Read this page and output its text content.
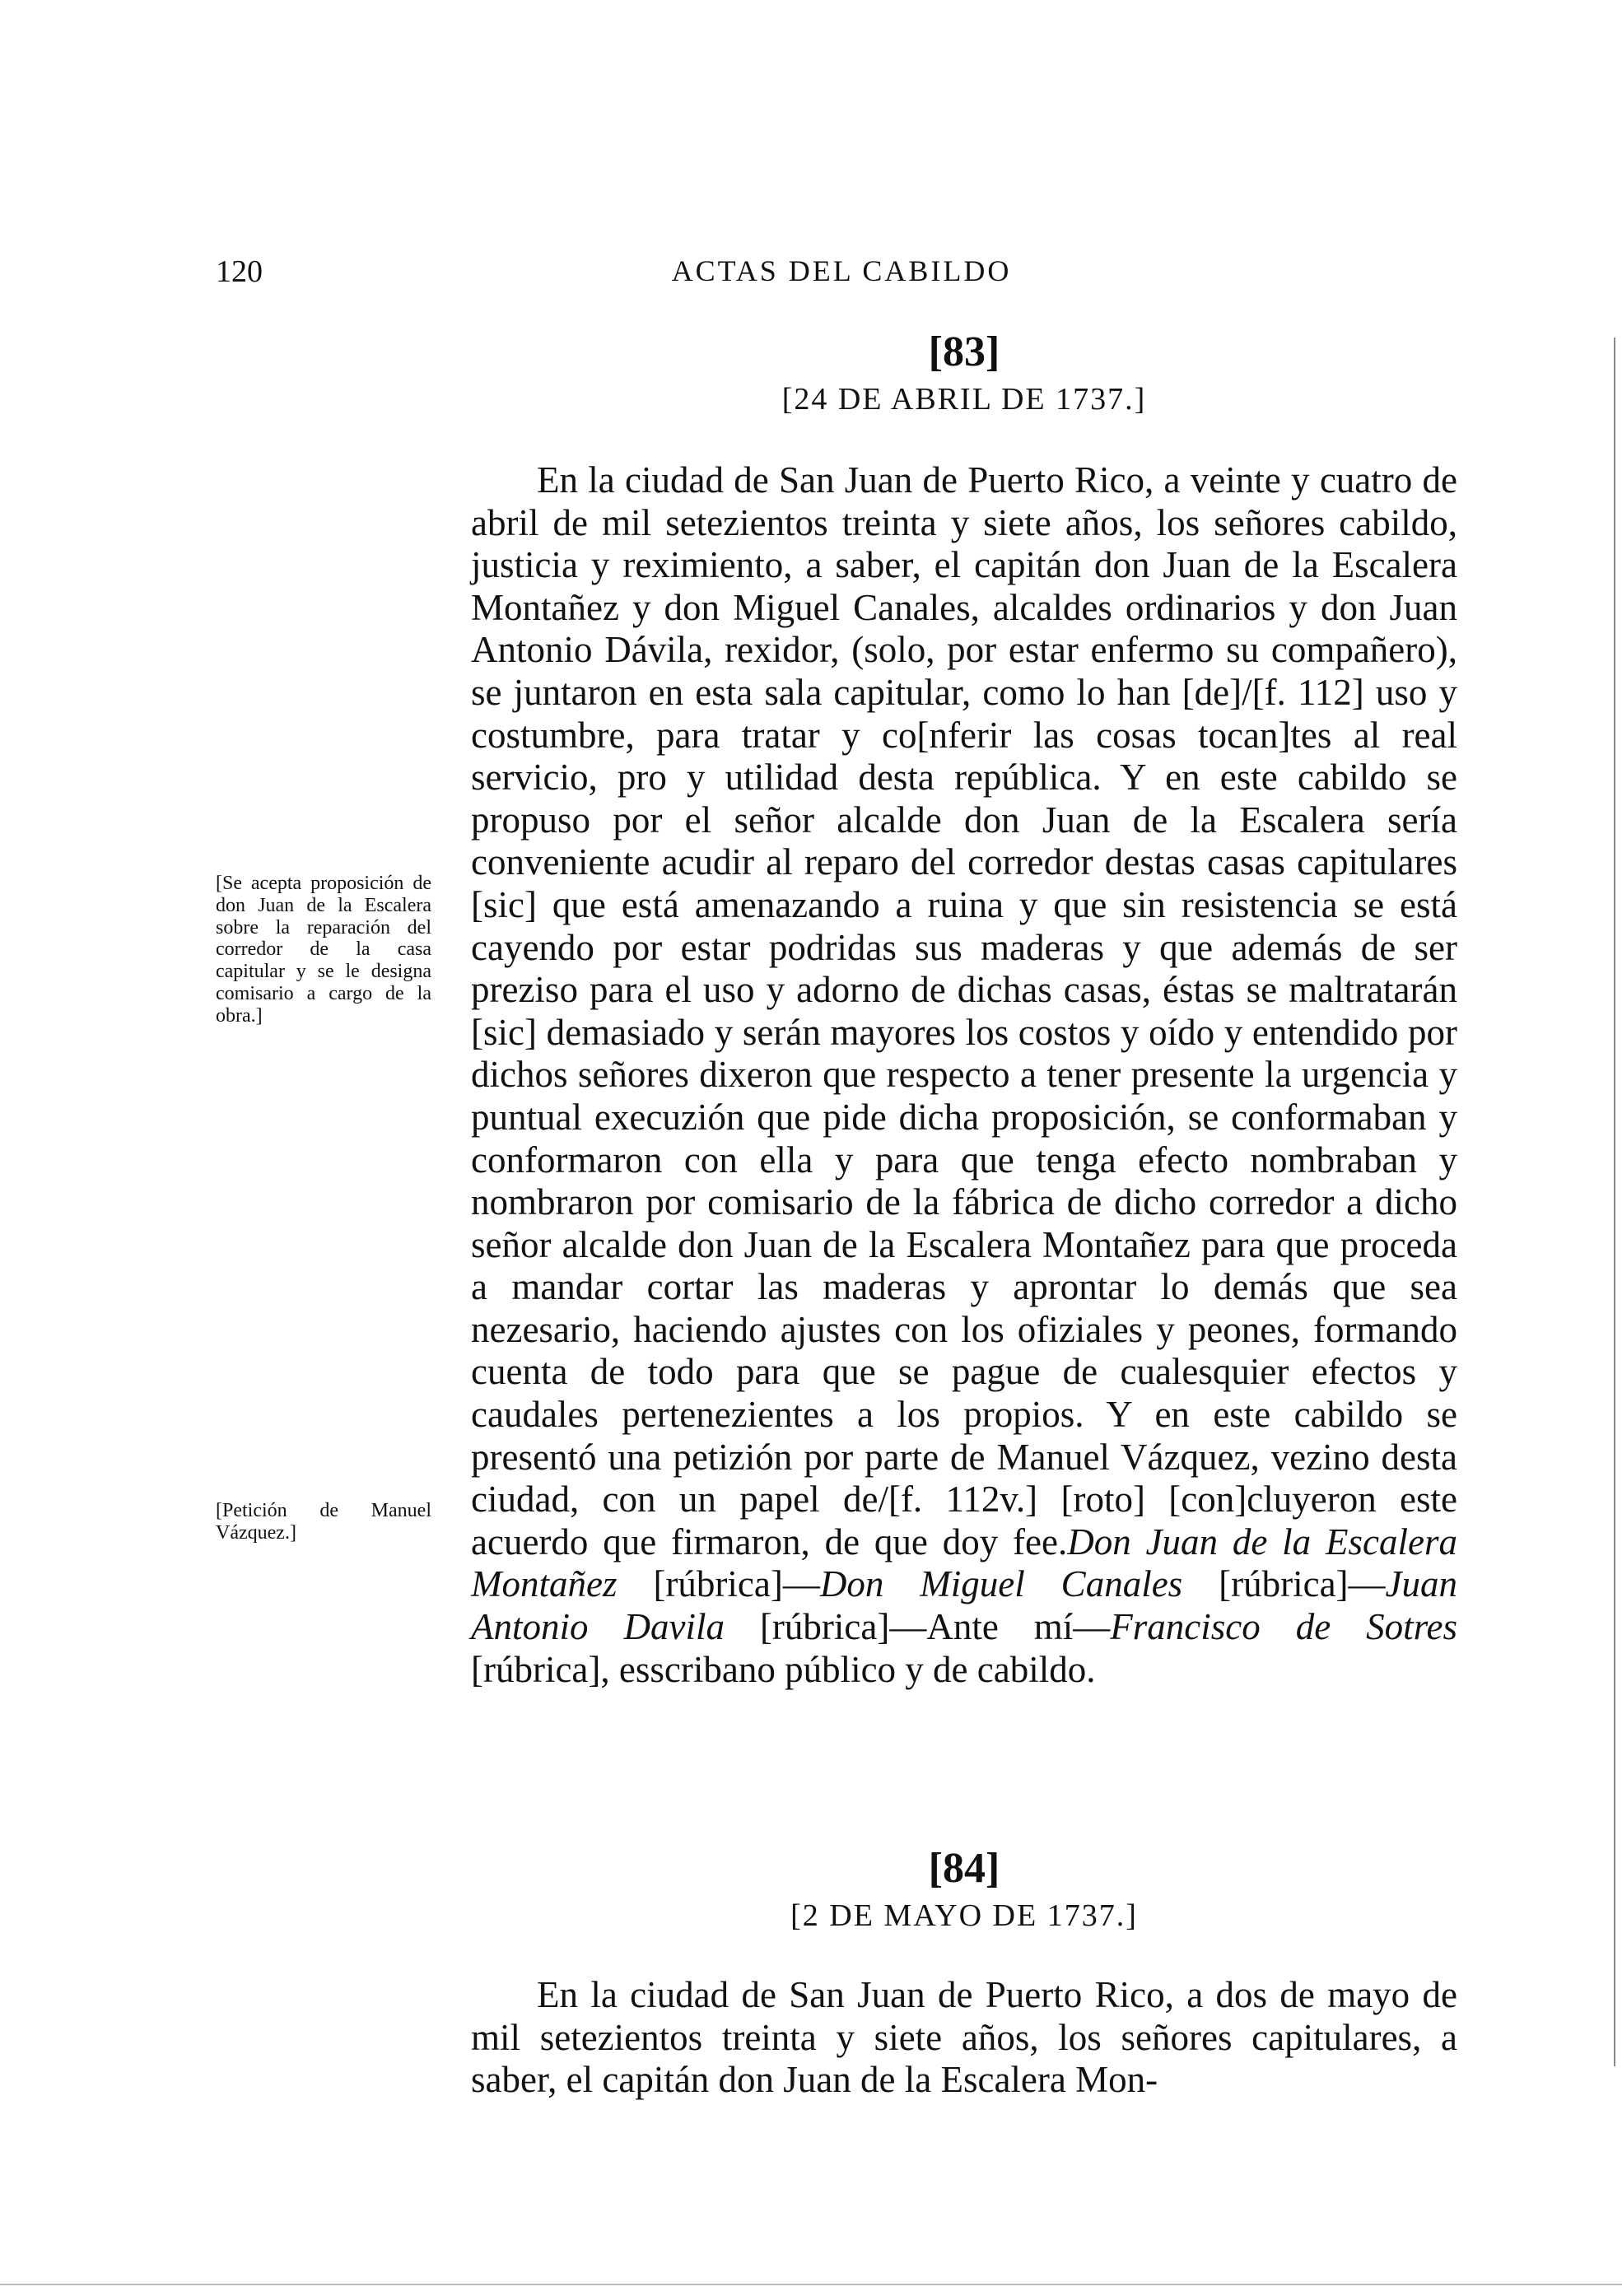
120	ACTAS DEL CABILDO
[83]
[24 DE ABRIL DE 1737.]

En la ciudad de San Juan de Puerto Rico, a veinte y cuatro de abril de mil setezientos treinta y siete años, los señores cabildo, justicia y reximiento, a saber, el capitán don Juan de la Escalera Montañez y don Miguel Canales, alcaldes ordinarios y don Juan Antonio Dávila, rexidor, (solo, por estar enfermo su compañero), se juntaron en esta sala capitular, como lo han [de]/[f. 112] uso y costumbre, para tratar y co[nferir las cosas tocan]tes al real servicio, pro y utilidad desta república. Y en este cabildo se propuso por el señor alcalde don Juan de la Escalera sería conveniente acudir al reparo del corredor destas casas capitulares [sic] que está amenazando a ruina y que sin resistencia se está cayendo por estar podridas sus maderas y que además de ser preziso para el uso y adorno de dichas casas, éstas se maltratarán [sic] demasiado y serán mayores los costos y oído y entendido por dichos señores dixeron que respecto a tener presente la urgencia y puntual execuzión que pide dicha proposición, se conformaban y conformaron con ella y para que tenga efecto nombraban y nombraron por comisario de la fábrica de dicho corredor a dicho señor alcalde don Juan de la Escalera Montañez para que proceda a mandar cortar las maderas y aprontar lo demás que sea nezesario, haciendo ajustes con los ofiziales y peones, formando cuenta de todo para que se pague de cualesquier efectos y caudales pertenezientes a los propios. Y en este cabildo se presentó una petizión por parte de Manuel Vázquez, vezino desta ciudad, con un papel de/[f. 112v.] [roto] [con]cluyeron este acuerdo que firmaron, de que doy fee.Don Juan de la Escalera Montañez [rúbrica]—Don Miguel Canales [rúbrica]—Juan Antonio Davila [rúbrica]—Ante mí—Francisco de Sotres [rúbrica], esscribano público y de cabildo.

[84]
[2 DE MAYO DE 1737.]

En la ciudad de San Juan de Puerto Rico, a dos de mayo de mil setezientos treinta y siete años, los señores capitulares, a saber, el capitán don Juan de la Escalera Mon-

[Se acepta proposición de don Juan de la Escalera sobre la reparación del corredor de la casa capitular y se le designa comisario a cargo de la obra.]
[Petición de Manuel Vázquez.]
